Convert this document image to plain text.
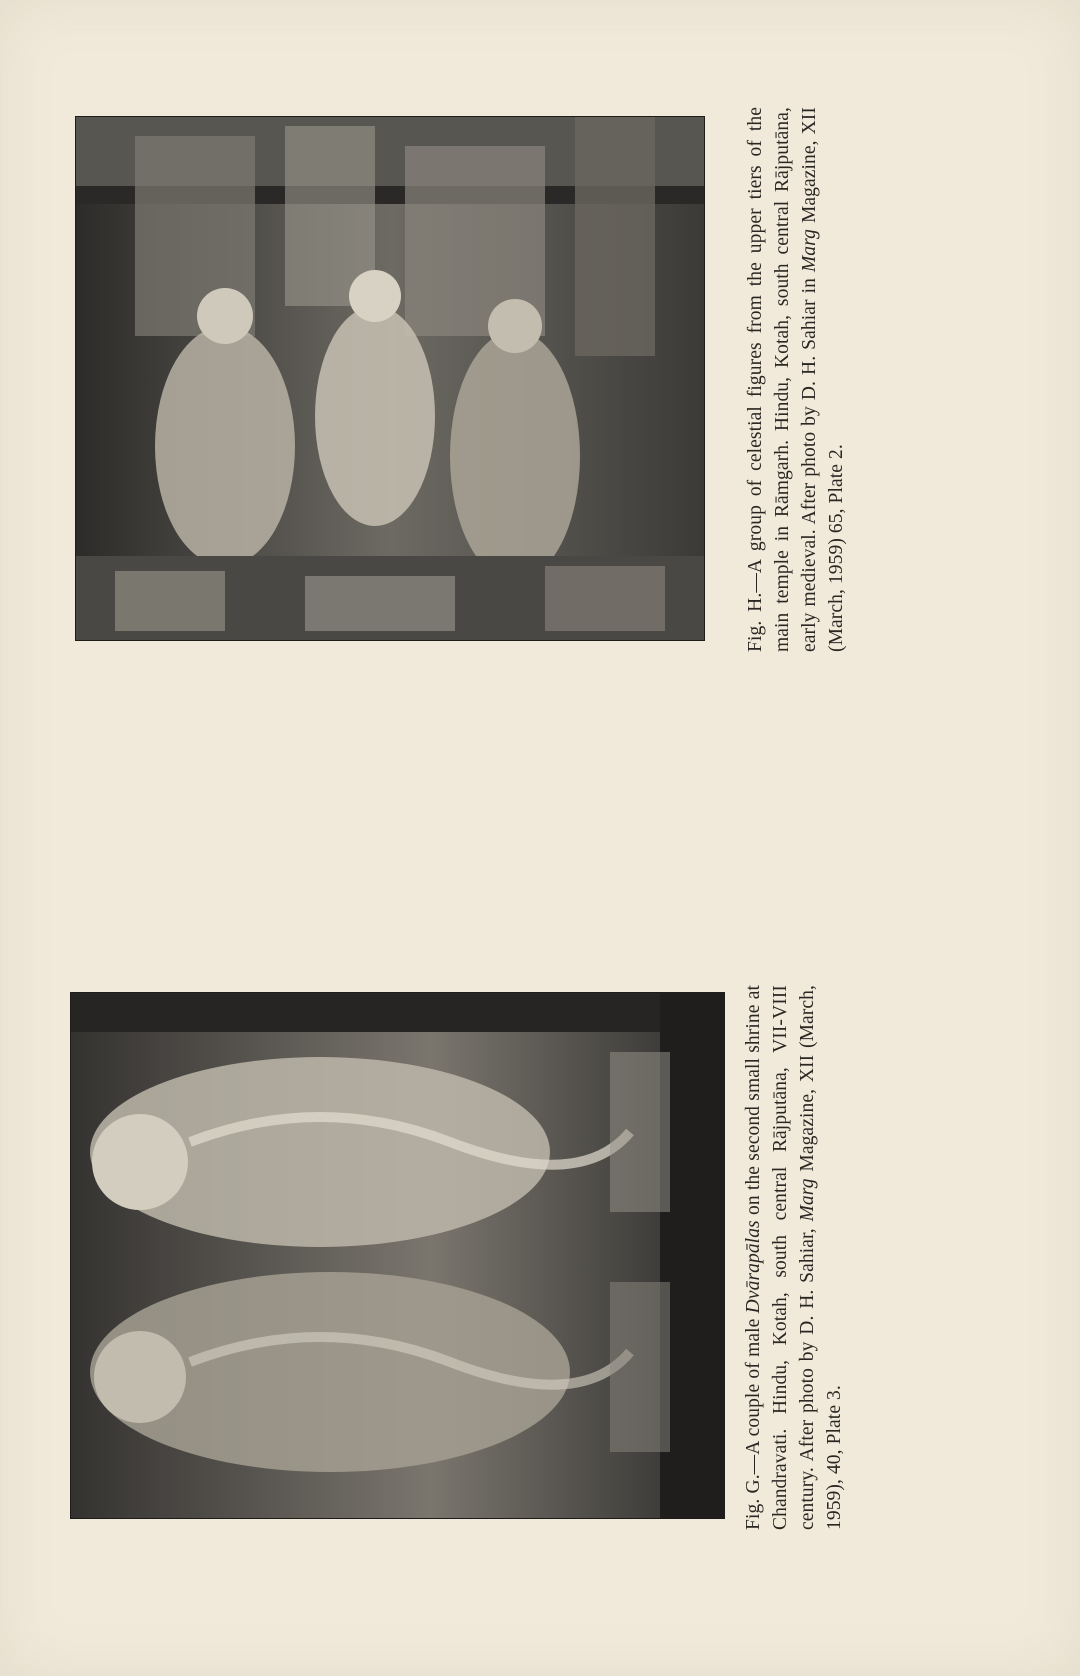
Fig. H.—A group of celestial figures from the upper tiers of the main temple in Rāmgarh. Hindu, Kotah, south central Rājputāna, early medieval. After photo by D. H. Sahiar in Marg Magazine, XII (March, 1959) 65, Plate 2.
Fig. G.—A couple of male Dvārapālas on the second small shrine at Chandravati. Hindu, Kotah, south central Rājputāna, VII-VIII century. After photo by D. H. Sahiar, Marg Magazine, XII (March, 1959), 40, Plate 3.
